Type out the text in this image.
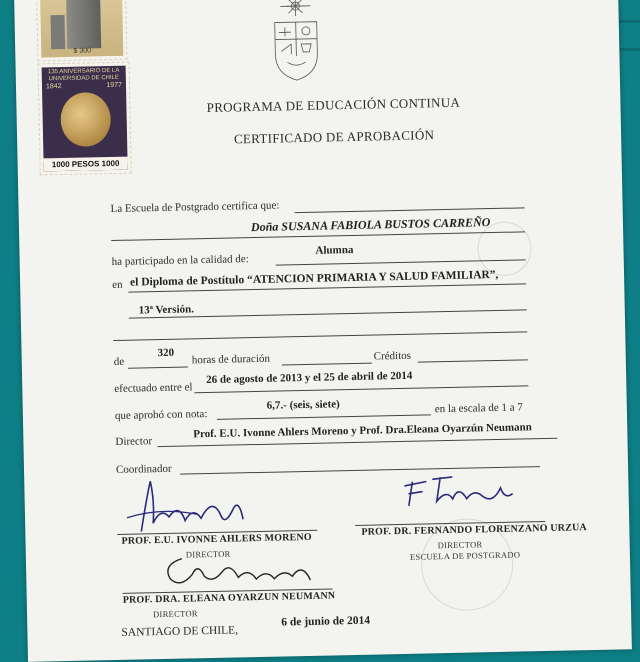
$ 300
135 ANIVERSARIO DE LA UNIVERSIDAD DE CHILE
1842	1977
1000 PESOS 1000
PROGRAMA DE EDUCACIÓN CONTINUA
CERTIFICADO DE APROBACIÓN
La Escuela de Postgrado certifica que:
Doña SUSANA FABIOLA BUSTOS CARREÑO
ha participado en la calidad de:
Alumna
en el Diploma de Postítulo “ATENCION PRIMARIA Y SALUD FAMILIAR”,
13ª Versión.
de
320 horas de duración	Créditos
efectuado entre el
26 de agosto de 2013 y el 25 de abril de 2014
que aprobó con nota:
6,7.- (seis, siete)	en la escala de 1 a 7
Director
Prof. E.U. Ivonne Ahlers Moreno y Prof. Dra.Eleana Oyarzún Neumann
Coordinador
PROF. E.U. IVONNE AHLERS MORENO
DIRECTOR
PROF. DR. FERNANDO FLORENZANO URZUA
DIRECTOR
ESCUELA DE POSTGRADO
PROF. DRA. ELEANA OYARZUN NEUMANN
DIRECTOR
SANTIAGO DE CHILE,
6 de junio de 2014
